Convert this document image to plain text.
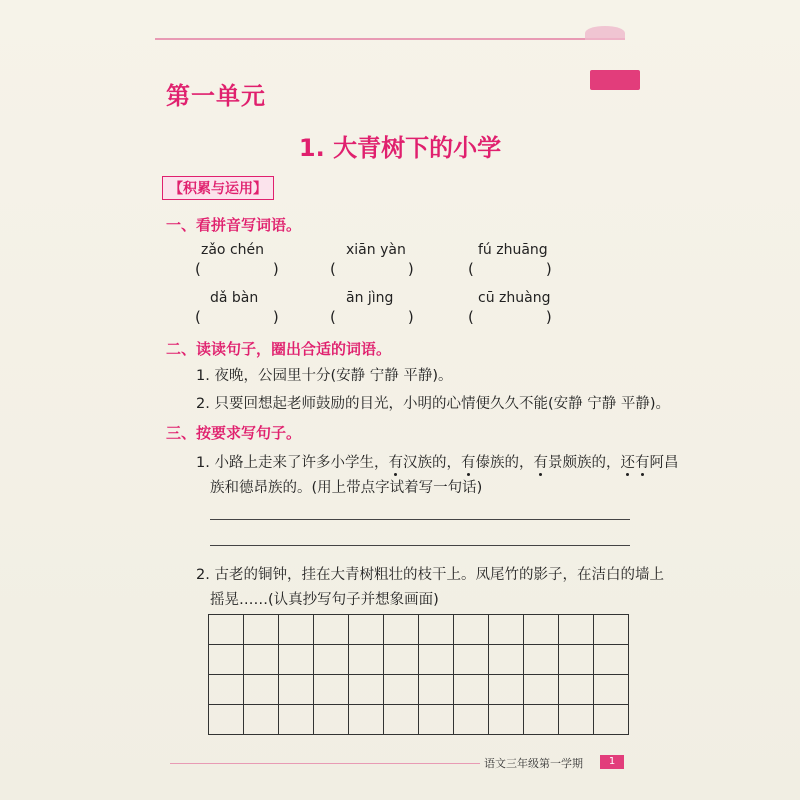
第一单元
1. 大青树下的小学
【积累与运用】
一、看拼音写词语。
zǎo chén	xiān yàn	fú zhuāng
(	)	(	)	(	)
dǎ bàn	ān jìng	cū zhuàng
(	)	(	)	(	)
二、读读句子，圈出合适的词语。
1. 夜晚，公园里十分(安静 宁静 平静)。
2. 只要回想起老师鼓励的目光，小明的心情便久久不能(安静 宁静 平静)。
三、按要求写句子。
1. 小路上走来了许多小学生，有汉族的，有傣族的，有景颇族的，还有阿昌
族和德昂族的。(用上带点字试着写一句话)
2. 古老的铜钟，挂在大青树粗壮的枝干上。凤尾竹的影子，在洁白的墙上
摇晃……(认真抄写句子并想象画面)
语文三年级第一学期	1
